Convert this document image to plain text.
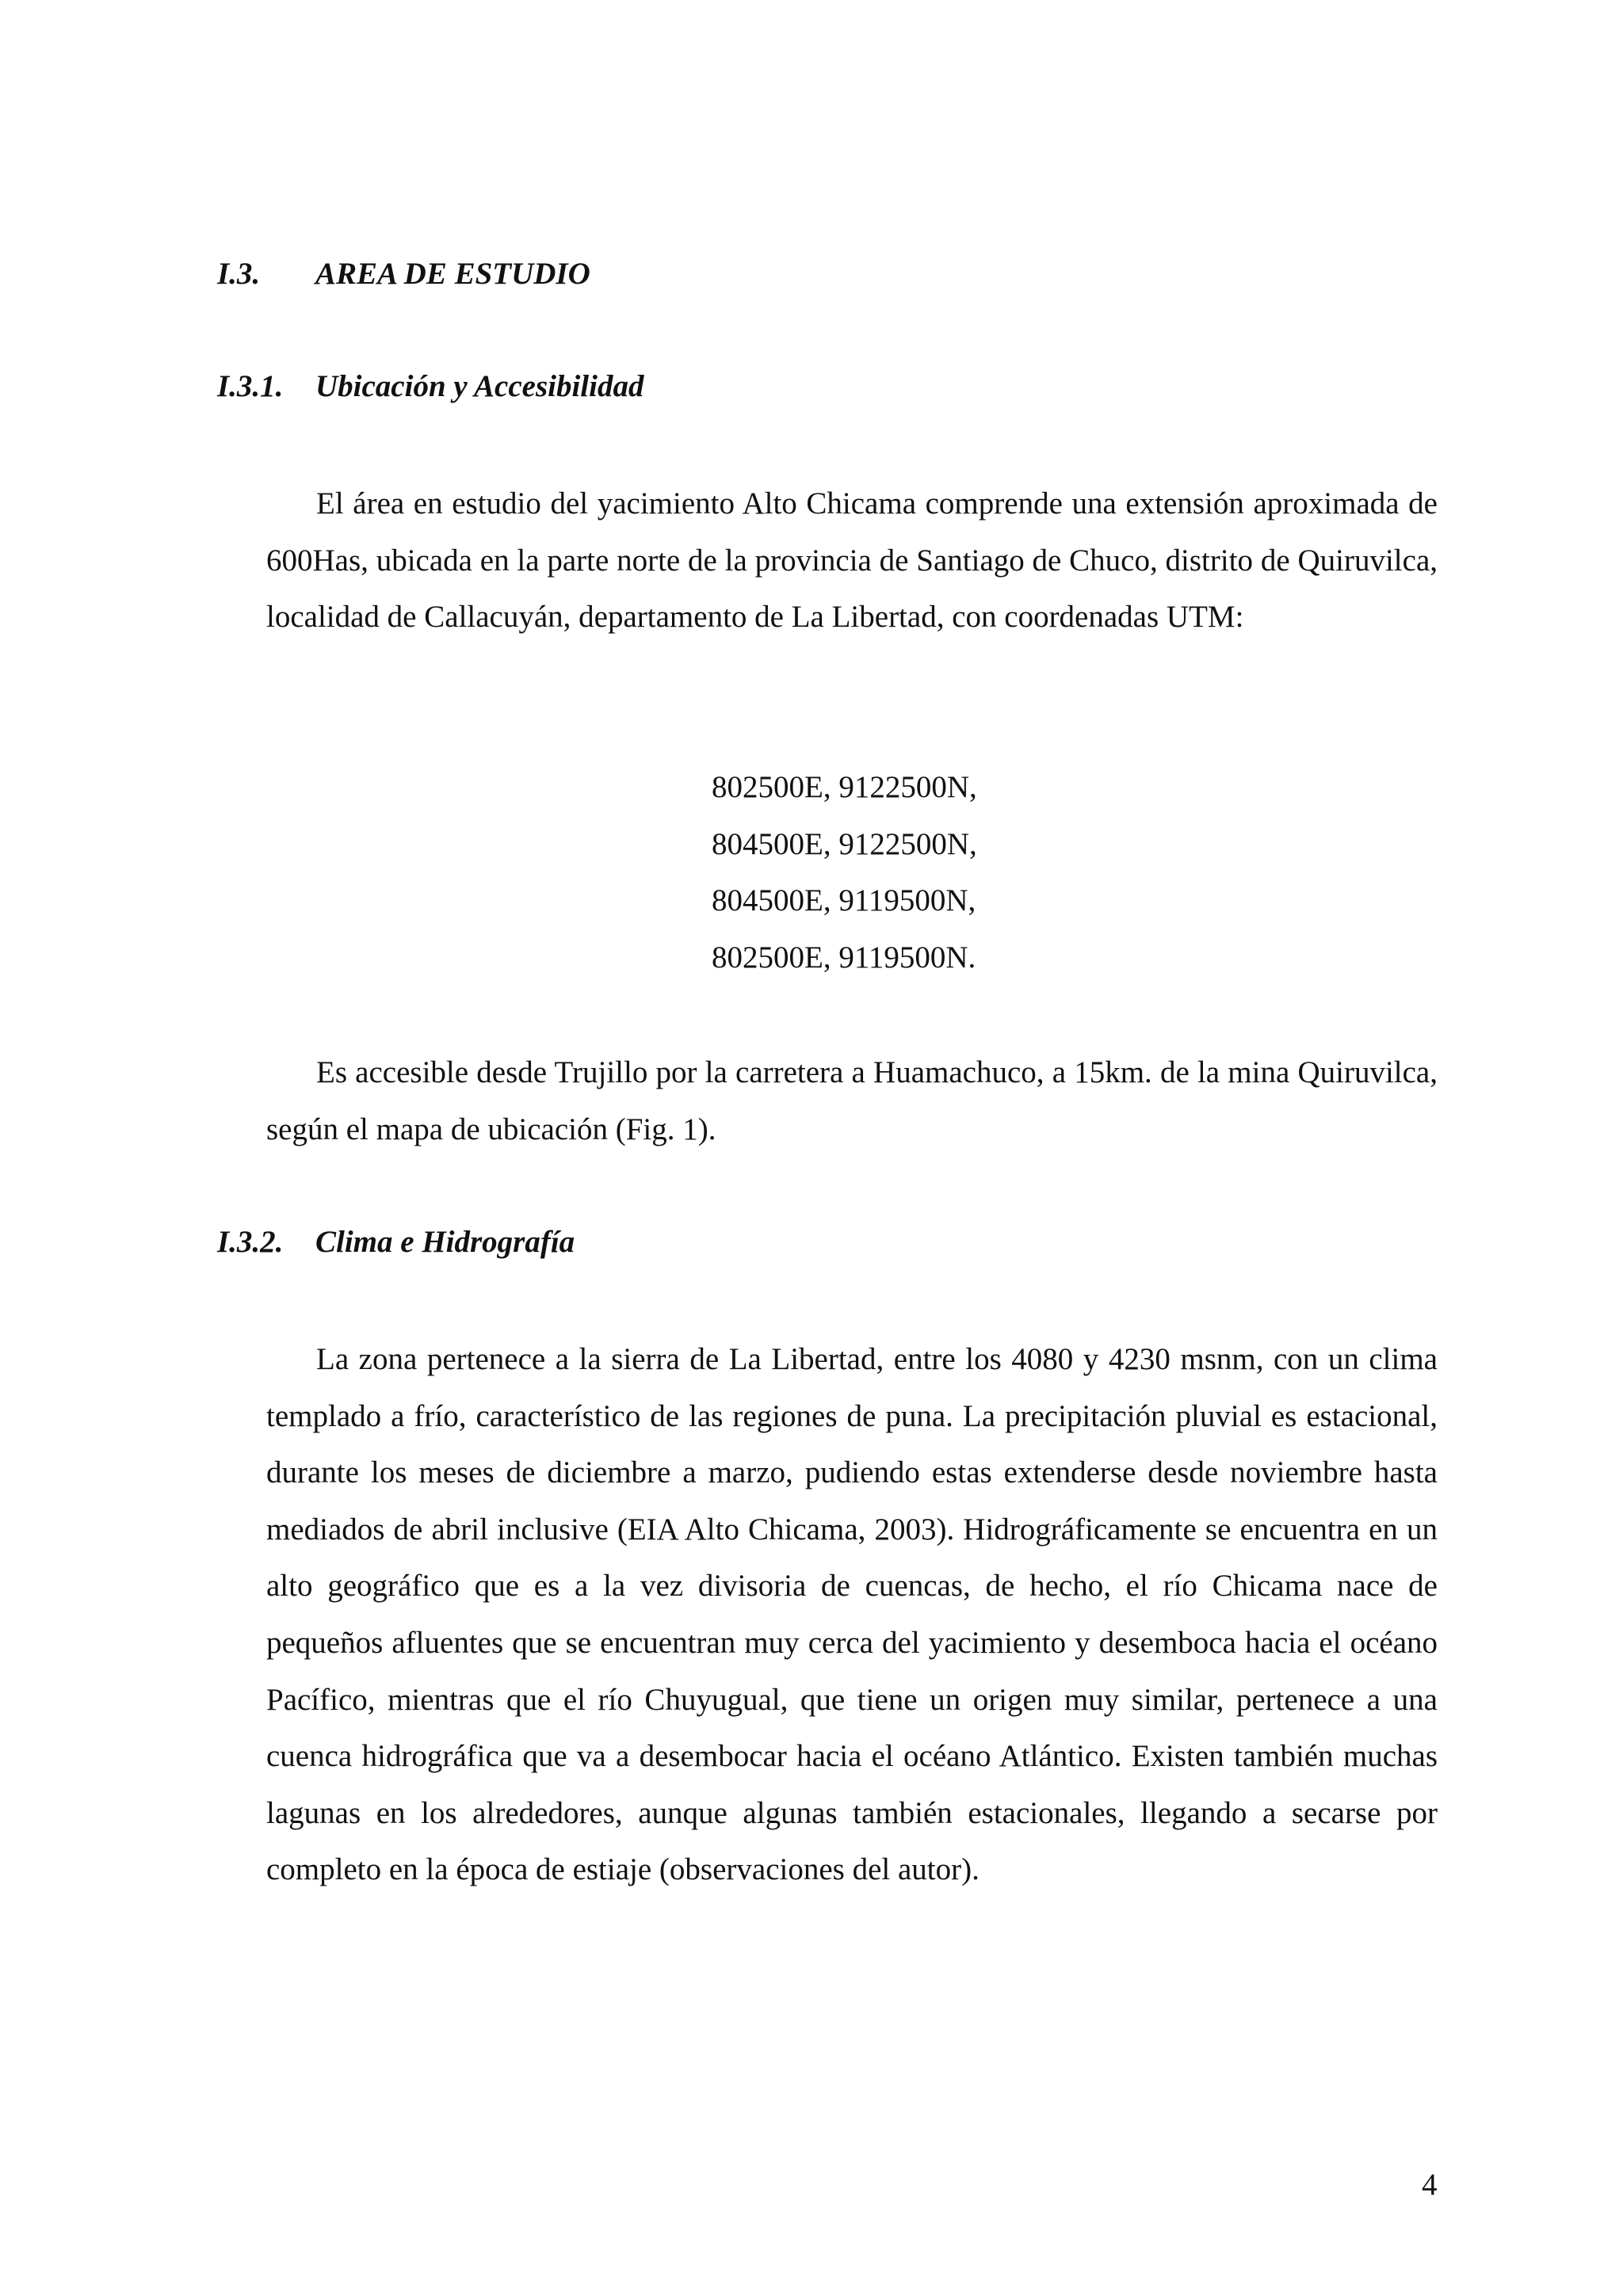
I.3. AREA DE ESTUDIO
I.3.1. Ubicación y Accesibilidad

El área en estudio del yacimiento Alto Chicama comprende una extensión aproximada de 600Has, ubicada en la parte norte de la provincia de Santiago de Chuco, distrito de Quiruvilca, localidad de Callacuyán, departamento de La Libertad, con coordenadas UTM:

802500E, 9122500N,
804500E, 9122500N,
804500E, 9119500N,
802500E, 9119500N.

Es accesible desde Trujillo por la carretera a Huamachuco, a 15km. de la mina Quiruvilca, según el mapa de ubicación (Fig. 1).

I.3.2. Clima e Hidrografía

La zona pertenece a la sierra de La Libertad, entre los 4080 y 4230 msnm, con un clima templado a frío, característico de las regiones de puna. La precipitación pluvial es estacional, durante los meses de diciembre a marzo, pudiendo estas extenderse desde noviembre hasta mediados de abril inclusive (EIA Alto Chicama, 2003). Hidrográficamente se encuentra en un alto geográfico que es a la vez divisoria de cuencas, de hecho, el río Chicama nace de pequeños afluentes que se encuentran muy cerca del yacimiento y desemboca hacia el océano Pacífico, mientras que el río Chuyugual, que tiene un origen muy similar, pertenece a una cuenca hidrográfica que va a desembocar hacia el océano Atlántico. Existen también muchas lagunas en los alrededores, aunque algunas también estacionales, llegando a secarse por completo en la época de estiaje (observaciones del autor).

4
